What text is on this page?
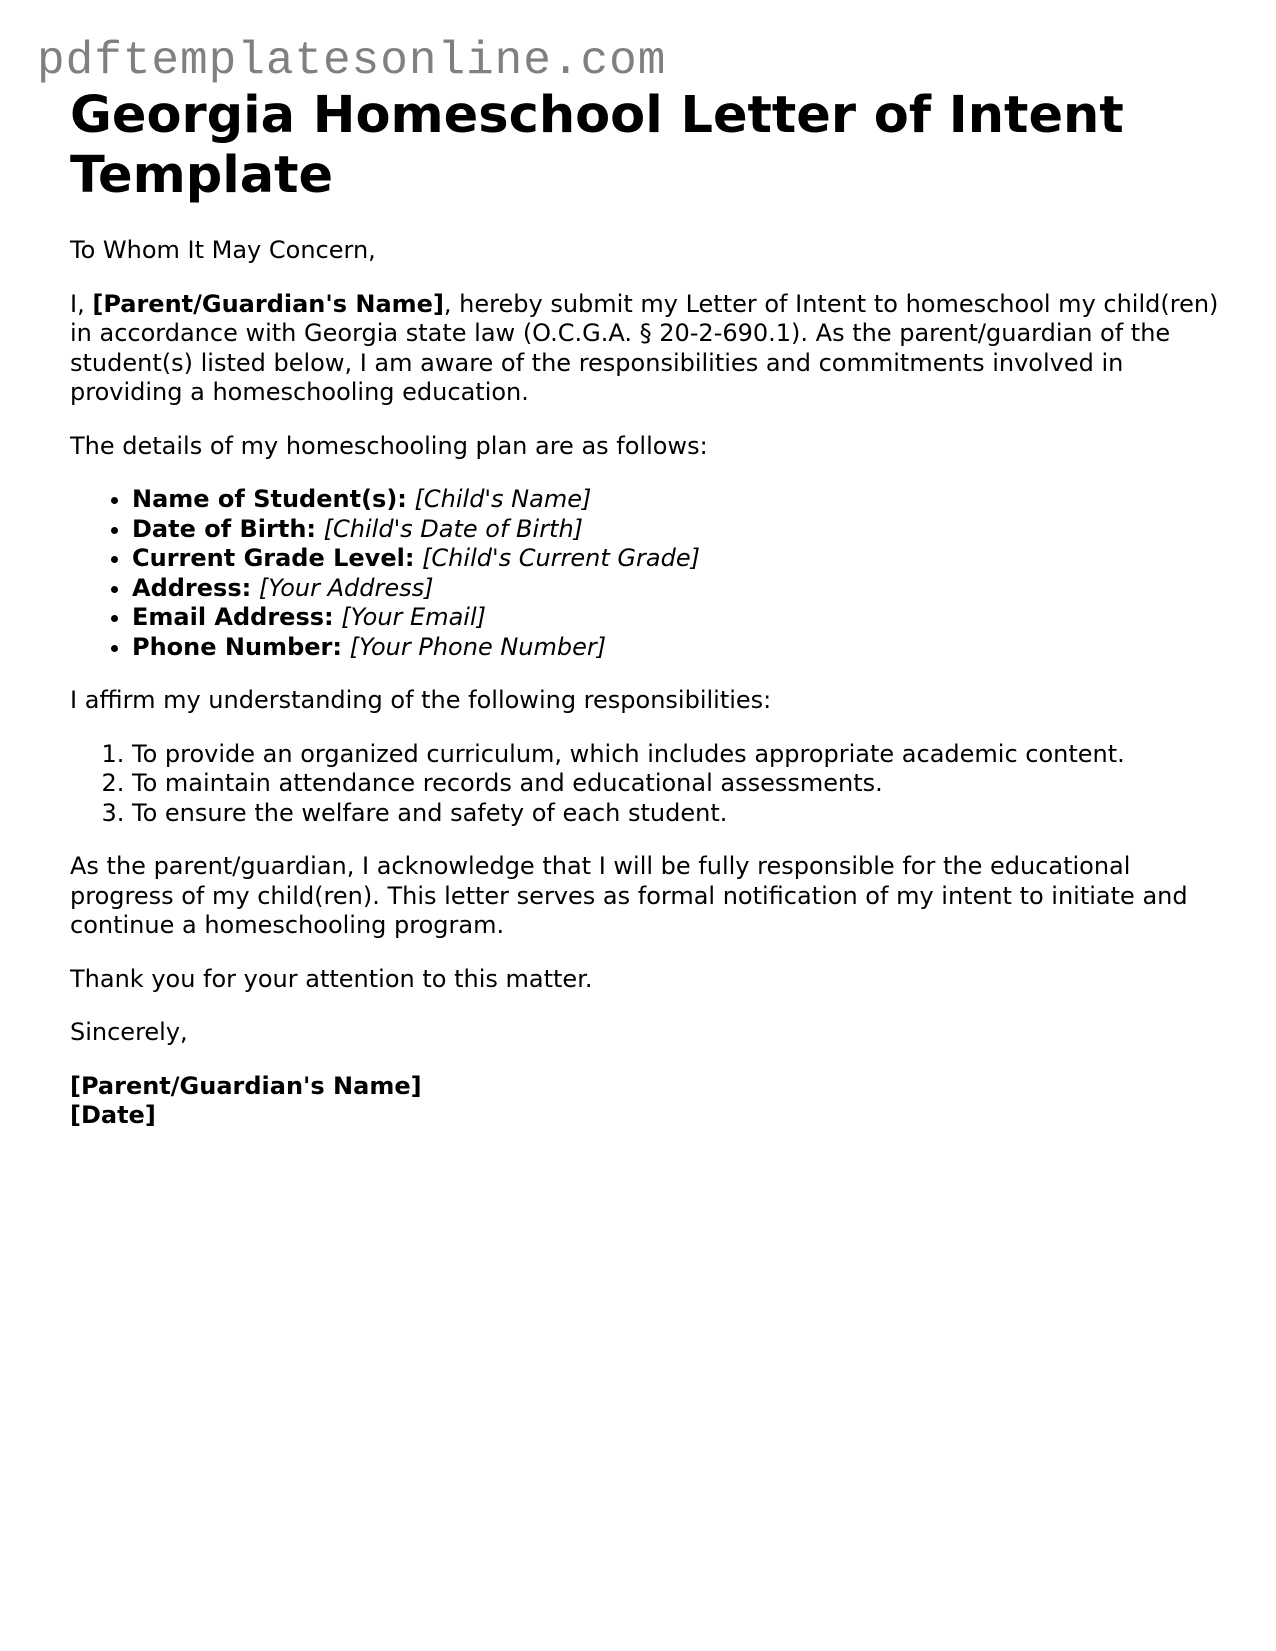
pdftemplatesonline.com
Georgia Homeschool Letter of Intent Template

To Whom It May Concern,

I, [Parent/Guardian's Name], hereby submit my Letter of Intent to homeschool my child(ren) in accordance with Georgia state law (O.C.G.A. § 20-2-690.1). As the parent/guardian of the student(s) listed below, I am aware of the responsibilities and commitments involved in providing a homeschooling education.

The details of my homeschooling plan are as follows:

• Name of Student(s): [Child's Name]
• Date of Birth: [Child's Date of Birth]
• Current Grade Level: [Child's Current Grade]
• Address: [Your Address]
• Email Address: [Your Email]
• Phone Number: [Your Phone Number]

I affirm my understanding of the following responsibilities:

1. To provide an organized curriculum, which includes appropriate academic content.
2. To maintain attendance records and educational assessments.
3. To ensure the welfare and safety of each student.

As the parent/guardian, I acknowledge that I will be fully responsible for the educational progress of my child(ren). This letter serves as formal notification of my intent to initiate and continue a homeschooling program.

Thank you for your attention to this matter.

Sincerely,

[Parent/Guardian's Name]
[Date]
